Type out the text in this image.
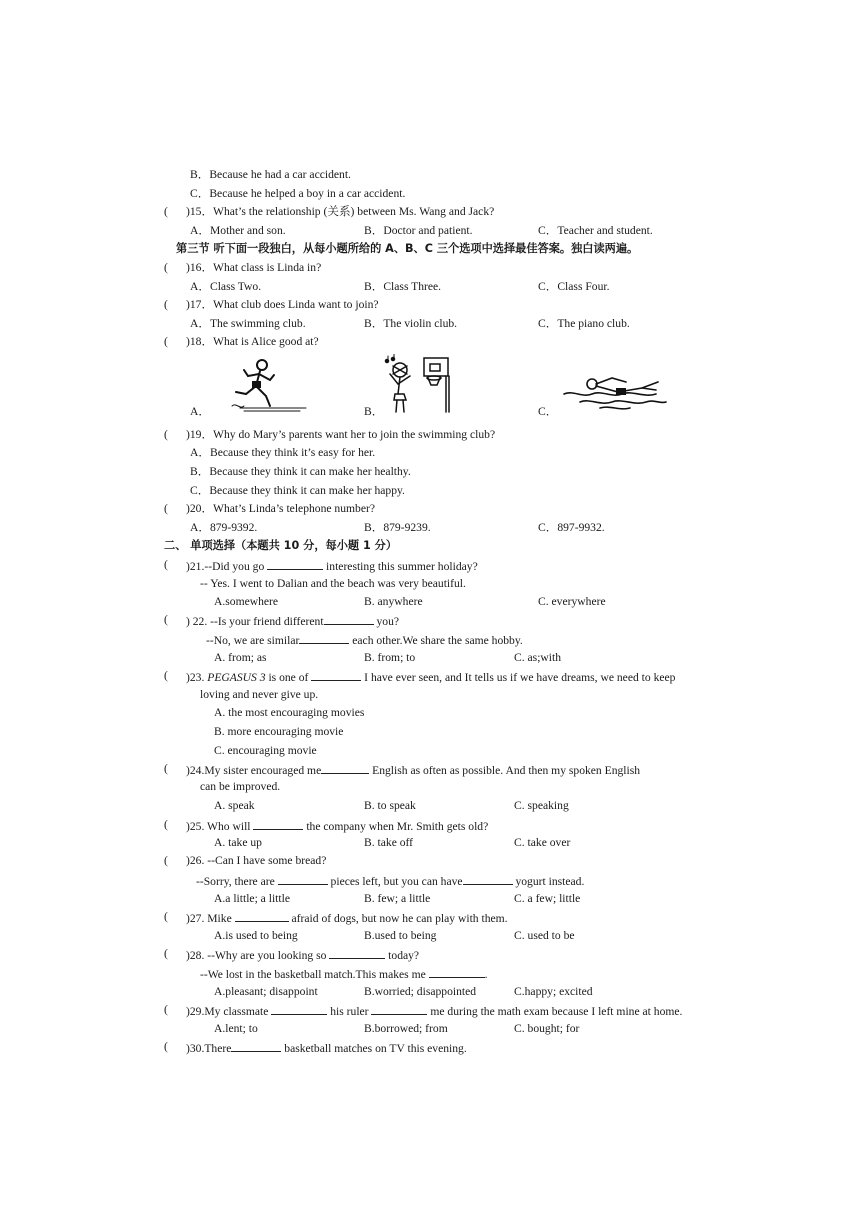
B．Because he had a car accident.
C．Because he helped a boy in a car accident.
( )15．What’s the relationship (关系) between Ms. Wang and Jack?
A．Mother and son.	B．Doctor and patient.	C．Teacher and student.
第三节 听下面一段独白，从每小题所给的 A、B、C 三个选项中选择最佳答案。独白读两遍。
( )16．What class is Linda in?
A．Class Two.	B．Class Three.	C．Class Four.
( )17．What club does Linda want to join?
A．The swimming club.	B．The violin club.	C．The piano club.
( )18．What is Alice good at?
A．	B．	C．
( )19．Why do Mary’s parents want her to join the swimming club?
A．Because they think it’s easy for her.
B．Because they think it can make her healthy.
C．Because they think it can make her happy.
( )20．What’s Linda’s telephone number?
A．879-9392.	B．879-9239.	C．897-9932.
二、 单项选择（本题共 10 分，每小题 1 分）
( )21.--Did you go	interesting this summer holiday?
-- Yes. I went to Dalian and the beach was very beautiful.
A.somewhere	B. anywhere	C. everywhere
( ) 22. --Is your friend different	you?
--No, we are similar	each other.We share the same hobby.
A. from; as	B. from; to	C. as;with
( )23. PEGASUS 3 is one of	I have ever seen, and It tells us if we have dreams, we need to keep
loving and never give up.
A. the most encouraging movies
B. more encouraging movie
C. encouraging movie
( )24.My sister encouraged me	English as often as possible. And then my spoken English
can be improved.
A. speak	B. to speak	C. speaking
( )25. Who will	the company when Mr. Smith gets old?
A. take up	B. take off	C. take over
( )26. --Can I have some bread?
--Sorry, there are	pieces left, but you can have	yogurt instead.
A.a little; a little	B. few; a little	C. a few; little
( )27. Mike	afraid of dogs, but now he can play with them.
A.is used to being	B.used to being	C. used to be
( )28. --Why are you looking so	today?
--We lost in the basketball match.This makes me	.
A.pleasant; disappoint	B.worried; disappointed	C.happy; excited
( )29.My classmate	his ruler	me during the math exam because I left mine at home.
A.lent; to	B.borrowed; from	C. bought; for
( )30.There	basketball matches on TV this evening.
